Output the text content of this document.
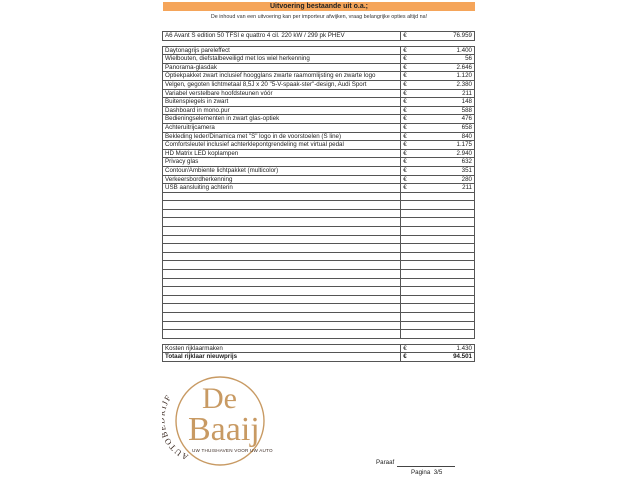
Uitvoering bestaande uit o.a.;
De inhoud van een uitvoering kan per importeur afwijken, vraag belangrijke opties altijd na!
A6 Avant S edition 50 TFSI e quattro 4 cil. 220 kW / 299 pk PHEV	€	76.959

Daytonagrijs pareleffect	€	1.400
Wielbouten, diefstalbeveiligd met los wiel herkenning	€	56
Panorama-glasdak	€	2.646
Optiekpakket zwart inclusief hoogglans zwarte raamomlijsting en zwarte logo	€	1.120
Velgen, gegoten lichtmetaal 8,5J x 20 "5-V-spaak-ster"-design, Audi Sport	€	2.380
Variabel verstelbare hoofdsteunen vóór	€	211
Buitenspiegels in zwart	€	148
Dashboard in mono.pur	€	588
Bedieningselementen in zwart glas-optiek	€	476
Achteruitrijcamera	€	658
Bekleding leder/Dinamica met "S" logo in de voorstoelen (S line)	€	840
Comfortsleutel inclusief achterklepontgrendeling met virtual pedal	€	1.175
HD Matrix LED koplampen	€	2.940
Privacy glas	€	632
Contour/Ambiente lichtpakket (multicolor)	€	351
Verkeersbordherkenning	€	280
USB aansluiting achterin	€	211

Kosten rijklaarmaken	€	1.430
Totaal rijklaar nieuwprijs	€	94.501
AUTO F De
Baaij
UW THUISHAVEN VOOR UW AUTO
Paraaf
Pagina 3/5
